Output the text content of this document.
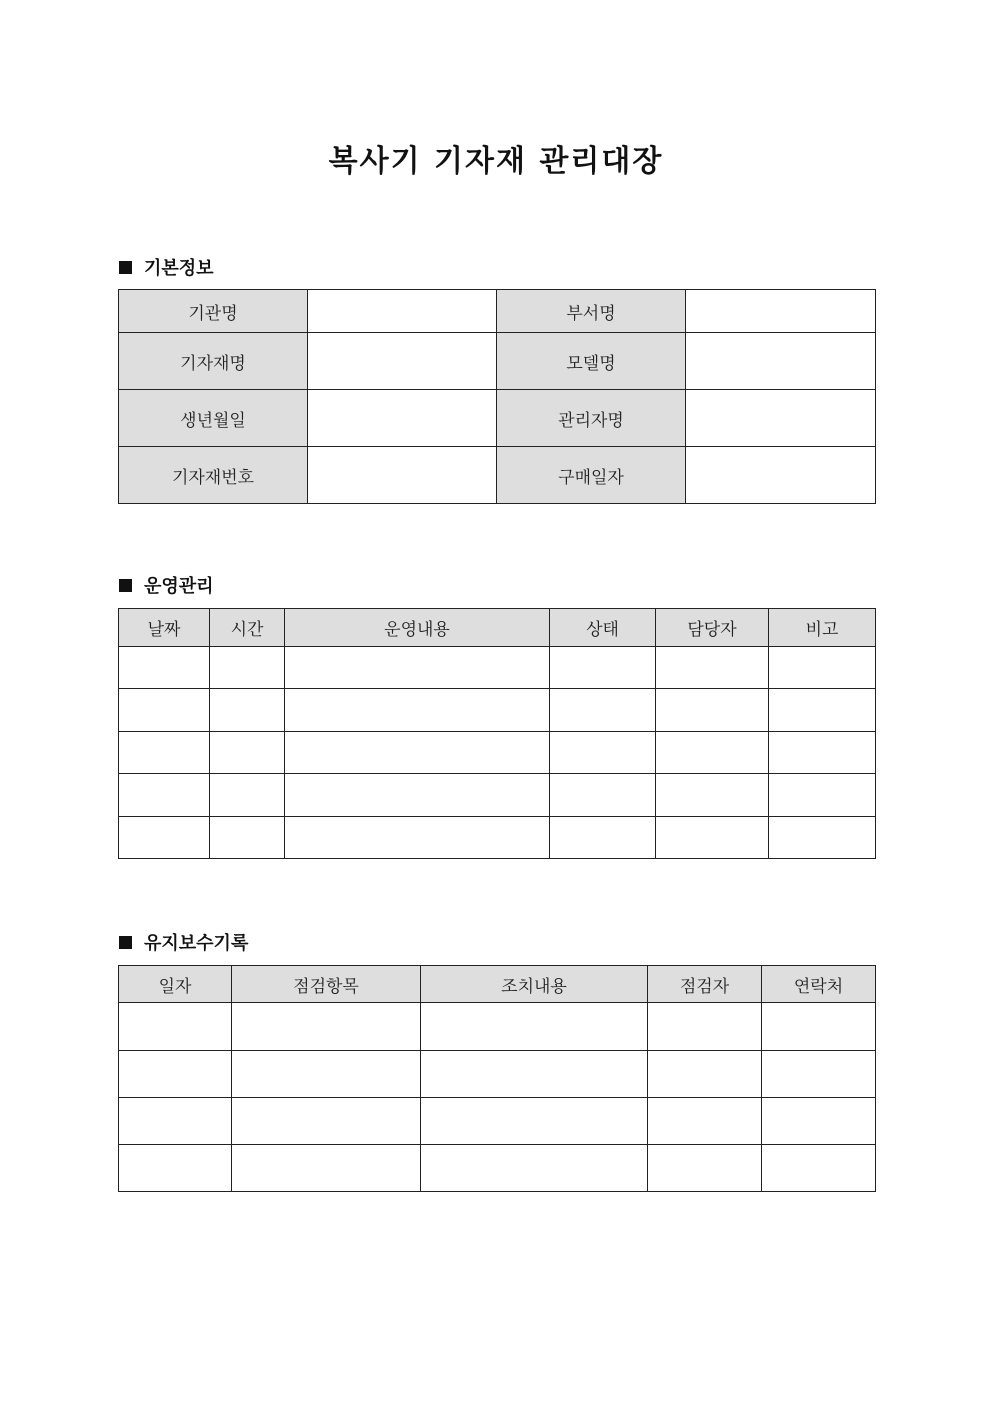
복사기 기자재 관리대장
기본정보
기관명		부서명	
기자재명		모델명	
생년월일		관리자명	
기자재번호		구매일자	
운영관리
날짜	시간	운영내용	상태	담당자	비고

유지보수기록
일자	점검항목	조치내용	점검자	연락처
